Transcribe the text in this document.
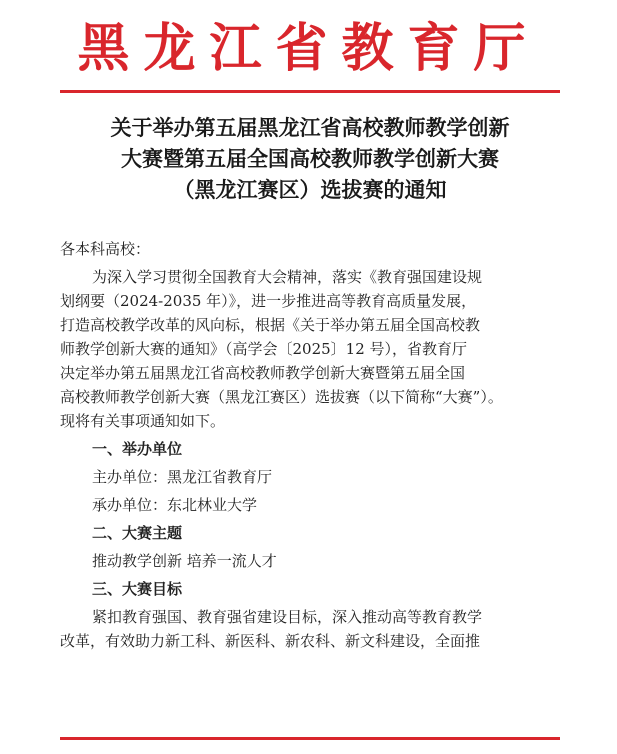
黑龙江省教育厅
关于举办第五届黑龙江省高校教师教学创新
大赛暨第五届全国高校教师教学创新大赛
（黑龙江赛区）选拔赛的通知
各本科高校：
为深入学习贯彻全国教育大会精神，落实《教育强国建设规
划纲要（2024-2035 年）》，进一步推进高等教育高质量发展，
打造高校教学改革的风向标，根据《关于举办第五届全国高校教
师教学创新大赛的通知》（高学会〔2025〕12 号），省教育厅
决定举办第五届黑龙江省高校教师教学创新大赛暨第五届全国
高校教师教学创新大赛（黑龙江赛区）选拔赛（以下简称“大赛”）。
现将有关事项通知如下。
一、举办单位
主办单位：黑龙江省教育厅
承办单位：东北林业大学
二、大赛主题
推动教学创新 培养一流人才
三、大赛目标
紧扣教育强国、教育强省建设目标，深入推动高等教育教学
改革，有效助力新工科、新医科、新农科、新文科建设，全面推
